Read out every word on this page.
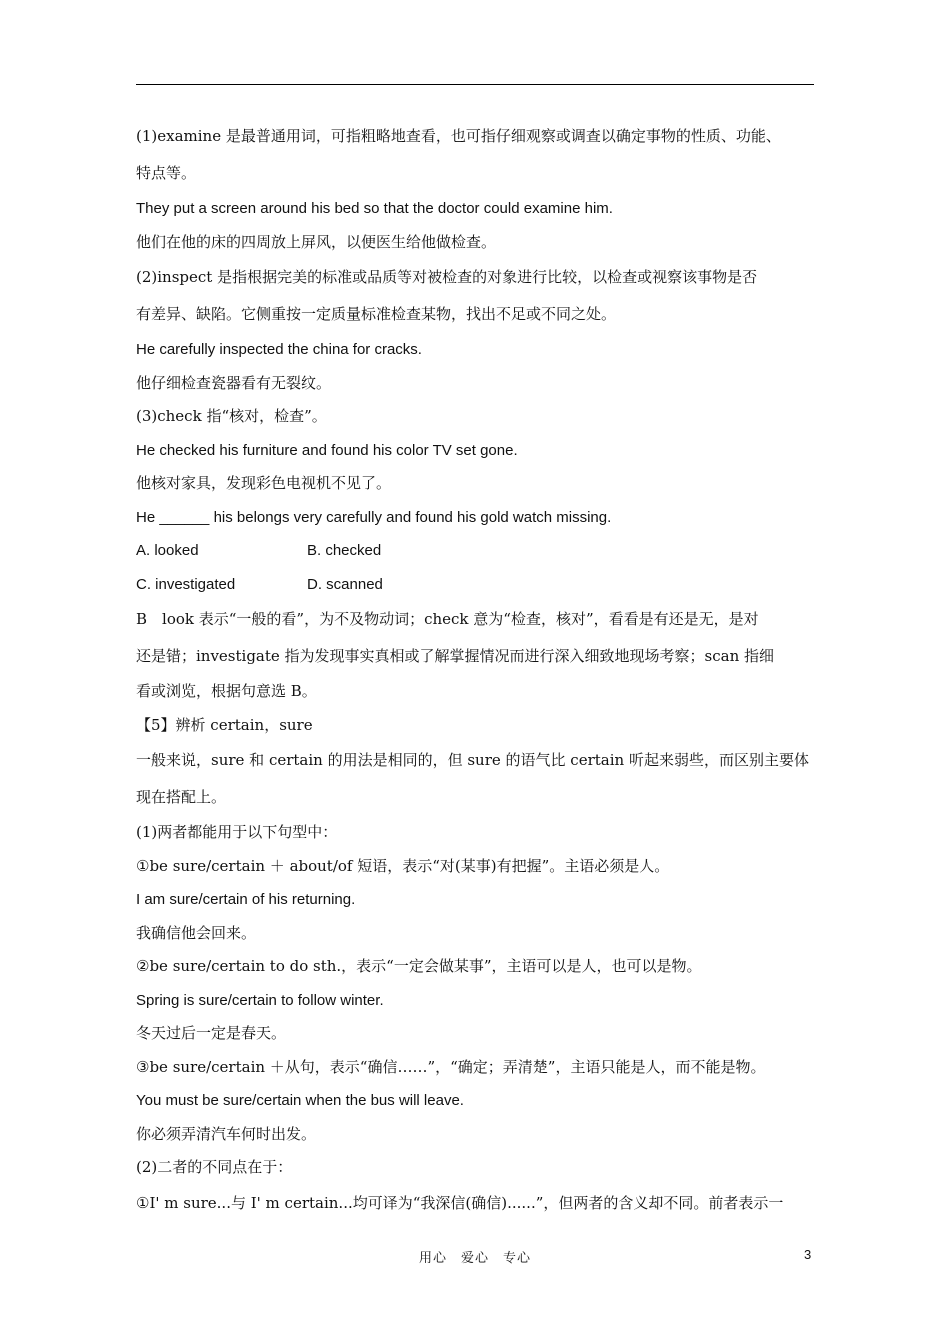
(1)examine 是最普通用词，可指粗略地查看，也可指仔细观察或调查以确定事物的性质、功能、
特点等。
They put a screen around his bed so that the doctor could examine him.
他们在他的床的四周放上屏风，以便医生给他做检查。
(2)inspect 是指根据完美的标准或品质等对被检查的对象进行比较，以检查或视察该事物是否
有差异、缺陷。它侧重按一定质量标准检查某物，找出不足或不同之处。
He carefully inspected the china for cracks.
他仔细检查瓷器看有无裂纹。
(3)check 指“核对，检查”。
He checked his furniture and found his color TV set gone.
他核对家具，发现彩色电视机不见了。
He ______ his belongs very carefully and found his gold watch missing.
A. looked	B. checked
C. investigated	D. scanned
B　look 表示“一般的看”，为不及物动词；check 意为“检查，核对”，看看是有还是无，是对
还是错；investigate 指为发现事实真相或了解掌握情况而进行深入细致地现场考察；scan 指细
看或浏览，根据句意选 B。
【5】辨析 certain，sure
一般来说，sure 和 certain 的用法是相同的，但 sure 的语气比 certain 听起来弱些，而区别主要体
现在搭配上。
(1)两者都能用于以下句型中：
①be sure/certain ＋ about/of 短语，表示“对(某事)有把握”。主语必须是人。
I am sure/certain of his returning.
我确信他会回来。
②be sure/certain to do sth.，表示“一定会做某事”，主语可以是人，也可以是物。
Spring is sure/certain to follow winter.
冬天过后一定是春天。
③be sure/certain ＋从句，表示“确信……”，“确定；弄清楚”，主语只能是人，而不能是物。
You must be sure/certain when the bus will leave.
你必须弄清汽车何时出发。
(2)二者的不同点在于：
①I' m sure...与 I' m certain...均可译为“我深信(确信)......”，但两者的含义却不同。前者表示一
用心　爱心　专心	3
